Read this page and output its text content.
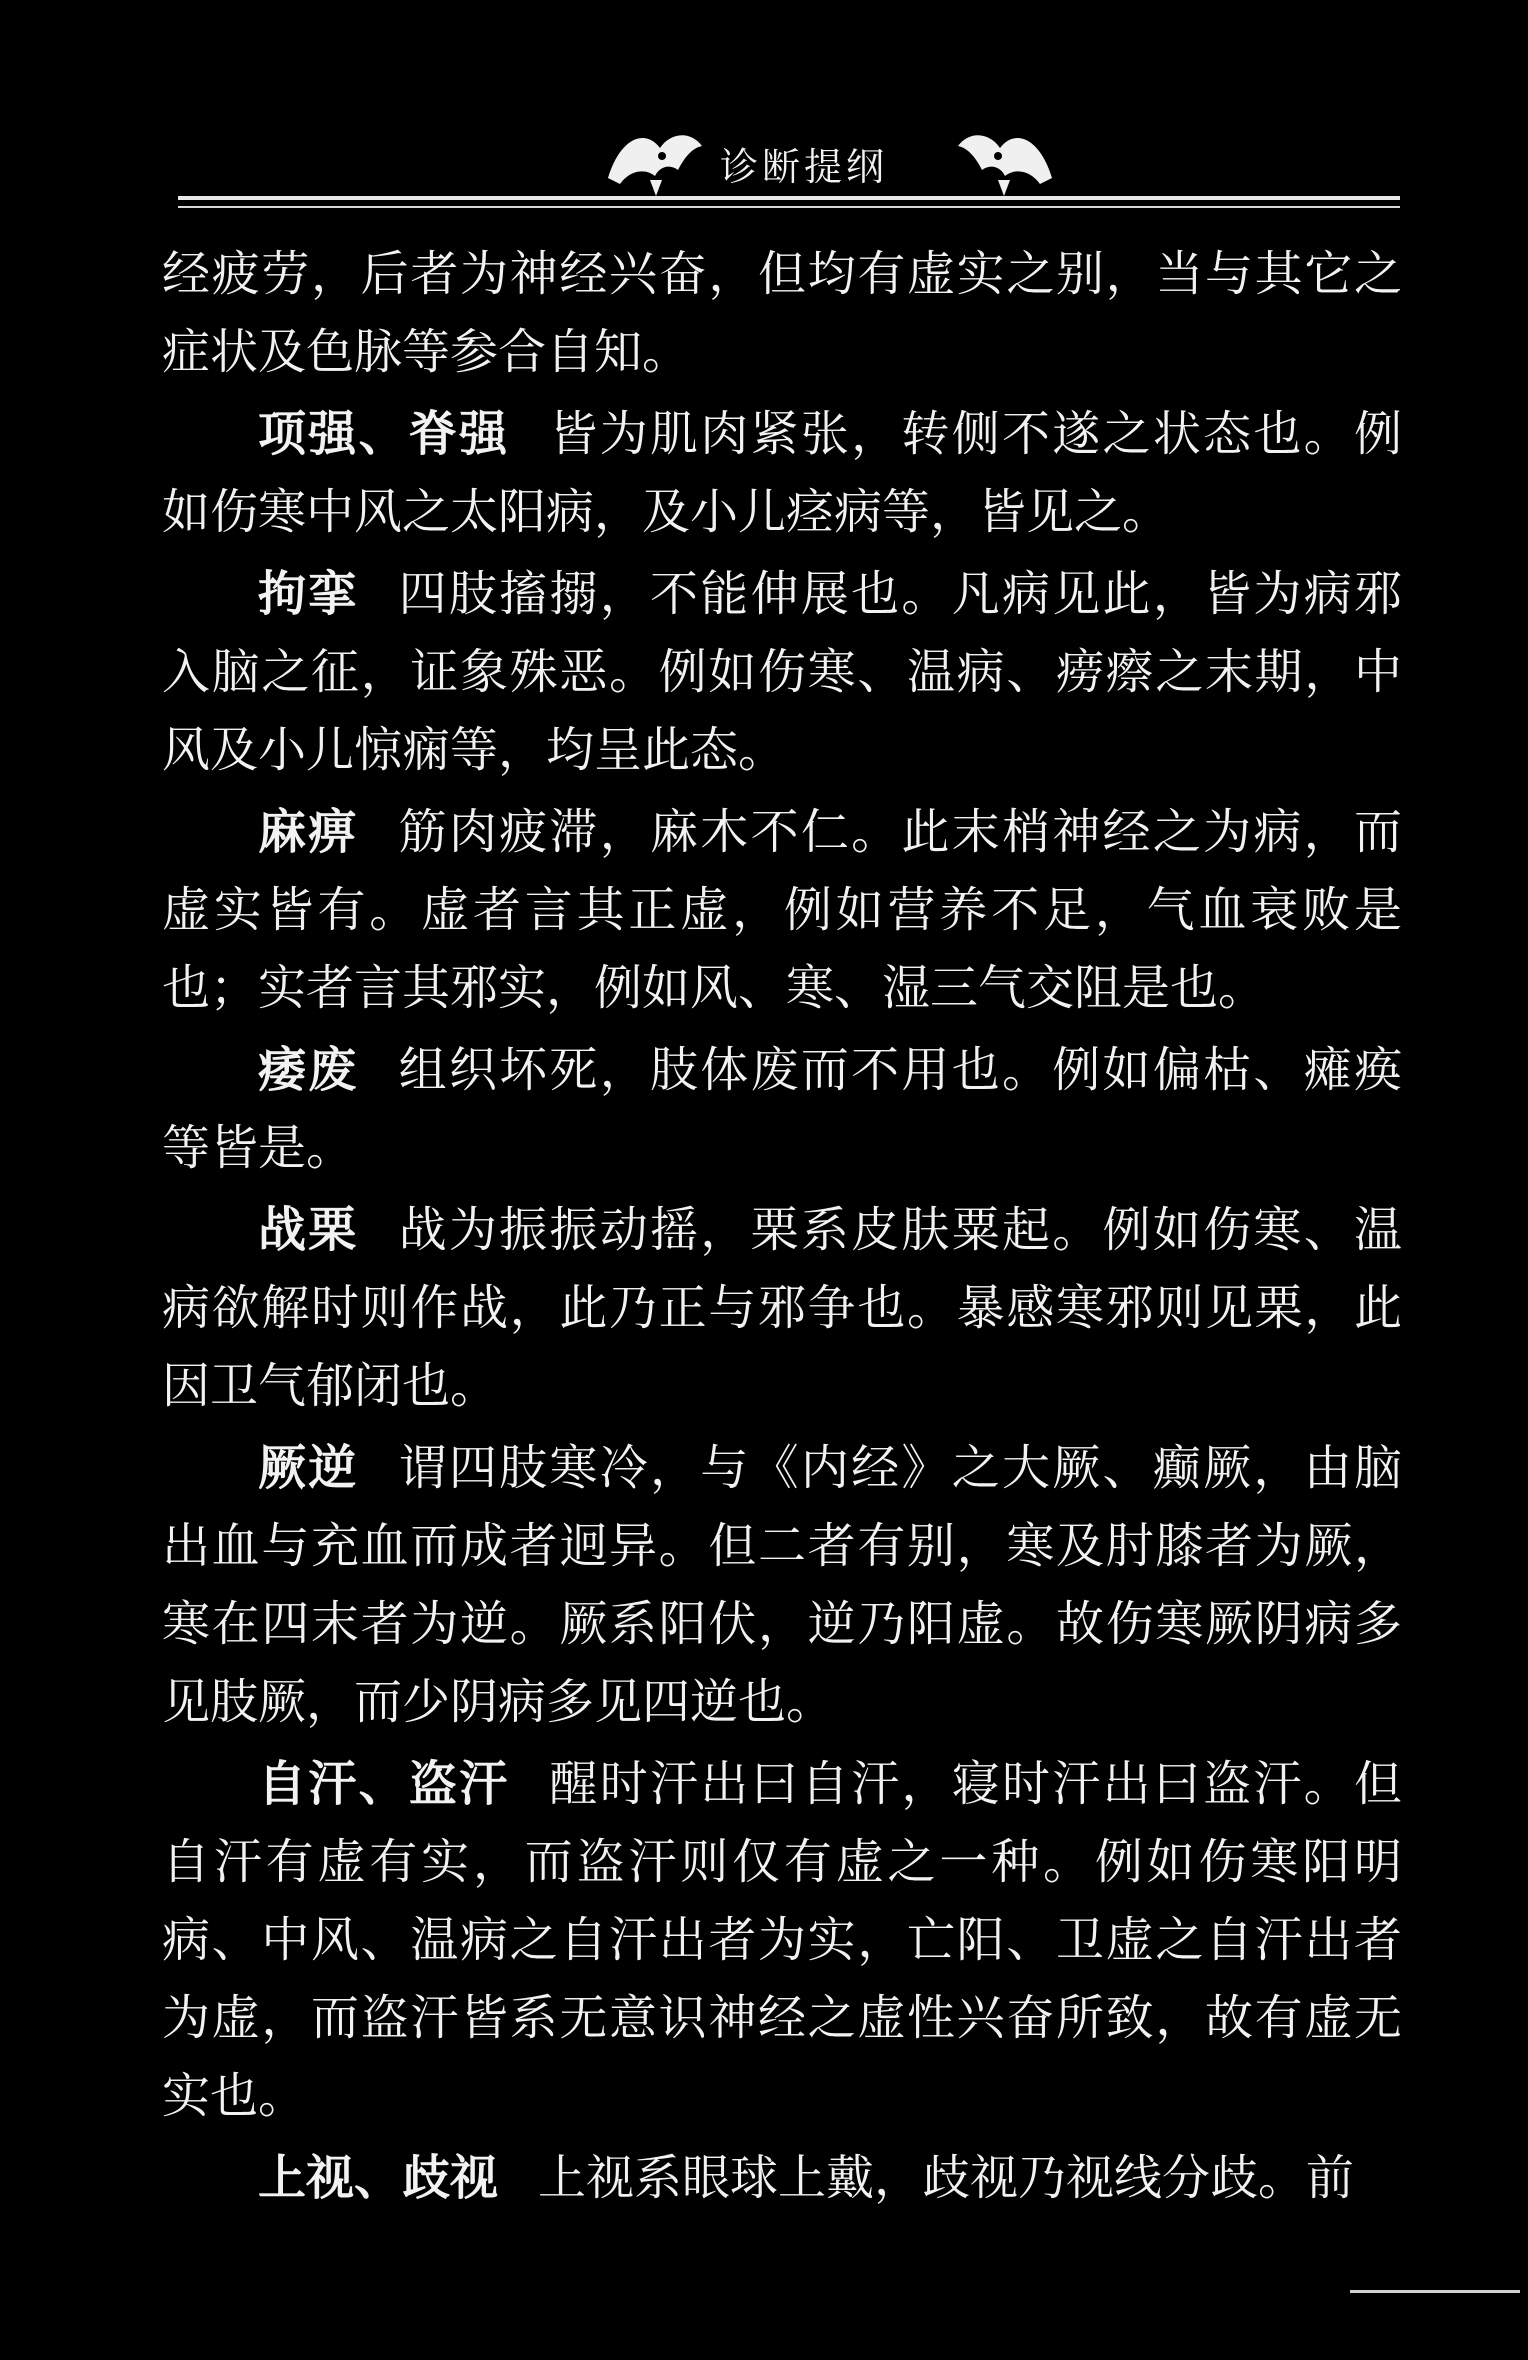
诊断提纲

经疲劳，后者为神经兴奋，但均有虚实之别，当与其它之症状及色脉等参合自知。

项强、脊强 皆为肌肉紧张，转侧不遂之状态也。例如伤寒中风之太阳病，及小儿痉病等，皆见之。

拘挛 四肢搐搦，不能伸展也。凡病见此，皆为病邪入脑之征，证象殊恶。例如伤寒、温病、痨瘵之末期，中风及小儿惊痫等，均呈此态。

麻痹 筋肉疲滞，麻木不仁。此末梢神经之为病，而虚实皆有。虚者言其正虚，例如营养不足，气血衰败是也；实者言其邪实，例如风、寒、湿三气交阻是也。

痿废 组织坏死，肢体废而不用也。例如偏枯、瘫痪等皆是。

战栗 战为振振动摇，栗系皮肤粟起。例如伤寒、温病欲解时则作战，此乃正与邪争也。暴感寒邪则见栗，此因卫气郁闭也。

厥逆 谓四肢寒冷，与《内经》之大厥、癫厥，由脑出血与充血而成者迥异。但二者有别，寒及肘膝者为厥，寒在四末者为逆。厥系阳伏，逆乃阳虚。故伤寒厥阴病多见肢厥，而少阴病多见四逆也。

自汗、盗汗 醒时汗出曰自汗，寝时汗出曰盗汗。但自汗有虚有实，而盗汗则仅有虚之一种。例如伤寒阳明病、中风、温病之自汗出者为实，亡阳、卫虚之自汗出者为虚，而盗汗皆系无意识神经之虚性兴奋所致，故有虚无实也。

上视、歧视 上视系眼球上戴，歧视乃视线分歧。前
